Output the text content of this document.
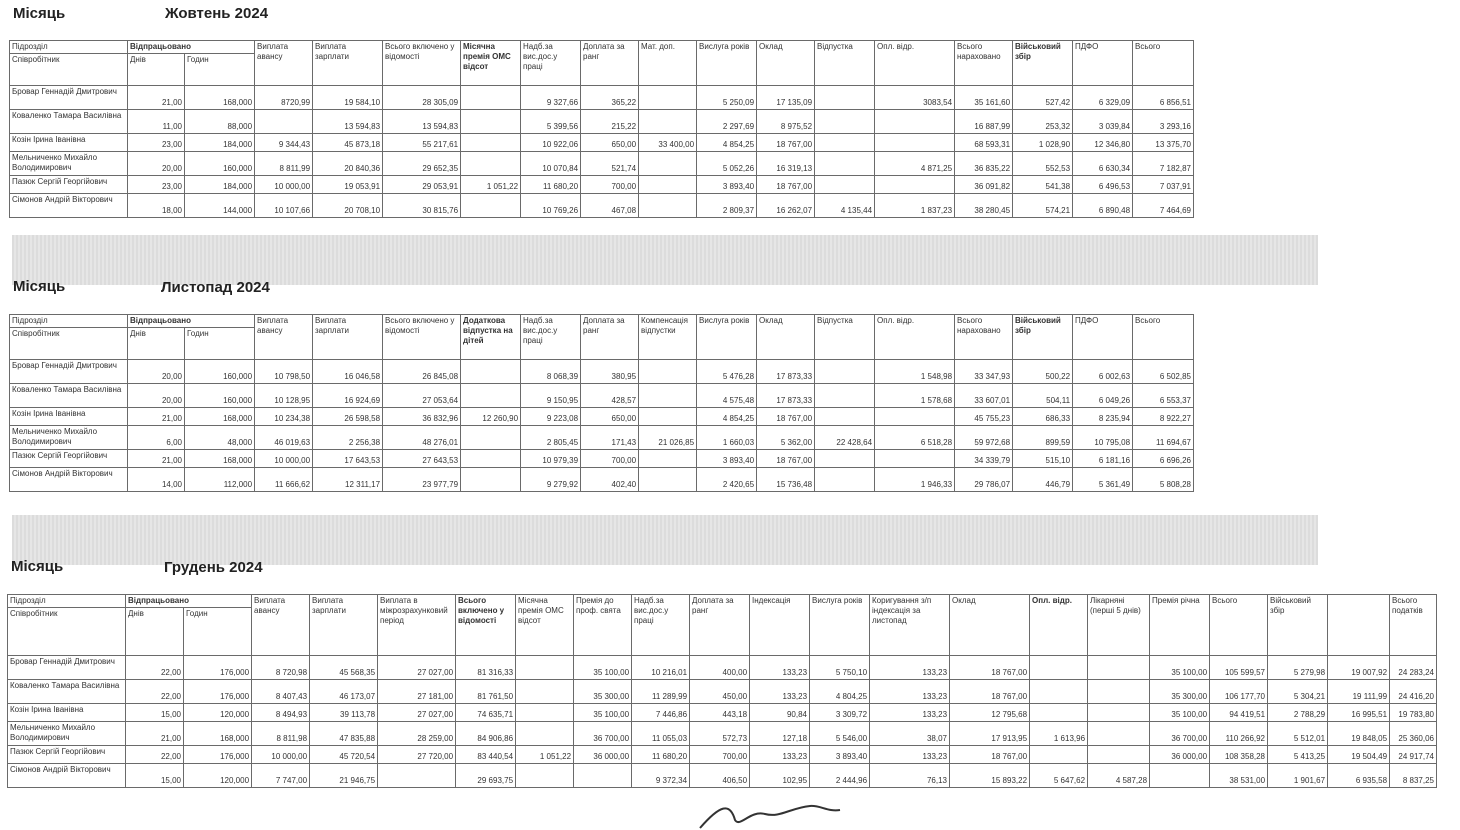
Місяць	Жовтень 2024
Підрозділ	Відпрацьовано		Виплата авансу	Виплата зарплати	Всього включено у відомості	Місячна премія ОМС відсот	Надб.за вис.дос.у праці	Доплата за ранг	Мат. доп.	Вислуга років	Оклад	Відпустка	Опл. відр.	Всього нараховано	Військовий збір	ПДФО	Всього
Співробітник	Днів	Годин															
Бровар Геннадій Дмитрович	21,00	168,000	8720,99	19 584,10	28 305,09		9 327,66	365,22		5 250,09	17 135,09		3083,54	35 161,60	527,42	6 329,09	6 856,51
Коваленко Тамара Василівна	11,00	88,000		13 594,83	13 594,83		5 399,56	215,22		2 297,69	8 975,52			16 887,99	253,32	3 039,84	3 293,16
Козін Ірина Іванівна	23,00	184,000	9 344,43	45 873,18	55 217,61		10 922,06	650,00	33 400,00	4 854,25	18 767,00			68 593,31	1 028,90	12 346,80	13 375,70
Мельниченко Михайло Володимирович	20,00	160,000	8 811,99	20 840,36	29 652,35		10 070,84	521,74		5 052,26	16 319,13		4 871,25	36 835,22	552,53	6 630,34	7 182,87
Пазюк Сергій Георгійович	23,00	184,000	10 000,00	19 053,91	29 053,91	1 051,22	11 680,20	700,00		3 893,40	18 767,00			36 091,82	541,38	6 496,53	7 037,91
Сімонов Андрій Вікторович	18,00	144,000	10 107,66	20 708,10	30 815,76		10 769,26	467,08		2 809,37	16 262,07	4 135,44	1 837,23	38 280,45	574,21	6 890,48	7 464,69
Місяць	Листопад 2024
Підрозділ	Відпрацьовано		Виплата авансу	Виплата зарплати	Всього включено у відомості	Додаткова відпустка на дітей	Надб.за вис.дос.у праці	Доплата за ранг	Компенсація відпустки	Вислуга років	Оклад	Відпустка	Опл. відр.	Всього нараховано	Військовий збір	ПДФО	Всього
Співробітник	Днів	Годин															
Бровар Геннадій Дмитрович	20,00	160,000	10 798,50	16 046,58	26 845,08		8 068,39	380,95		5 476,28	17 873,33		1 548,98	33 347,93	500,22	6 002,63	6 502,85
Коваленко Тамара Василівна	20,00	160,000	10 128,95	16 924,69	27 053,64		9 150,95	428,57		4 575,48	17 873,33		1 578,68	33 607,01	504,11	6 049,26	6 553,37
Козін Ірина Іванівна	21,00	168,000	10 234,38	26 598,58	36 832,96	12 260,90	9 223,08	650,00		4 854,25	18 767,00			45 755,23	686,33	8 235,94	8 922,27
Мельниченко Михайло Володимирович	6,00	48,000	46 019,63	2 256,38	48 276,01		2 805,45	171,43	21 026,85	1 660,03	5 362,00	22 428,64	6 518,28	59 972,68	899,59	10 795,08	11 694,67
Пазюк Сергій Георгійович	21,00	168,000	10 000,00	17 643,53	27 643,53		10 979,39	700,00		3 893,40	18 767,00			34 339,79	515,10	6 181,16	6 696,26
Сімонов Андрій Вікторович	14,00	112,000	11 666,62	12 311,17	23 977,79		9 279,92	402,40		2 420,65	15 736,48		1 946,33	29 786,07	446,79	5 361,49	5 808,28
Місяць	Грудень 2024
Підрозділ	Відпрацьовано		Виплата авансу	Виплата зарплати	Виплата в міжрозрахунковий період	Всього включено у відомості	Місячна премія ОМС відсот	Премія до проф. свята	Надб.за вис.дос.у праці	Доплата за ранг	Індексація	Вислуга років	Коригування з/п індексація за листопад	Оклад	Опл. відр.	Лікарняні (перші 5 днів)	Премія річна	Всього	Військовий збір		Всього податків
Співробітник	Днів	Годин																			
Бровар Геннадій Дмитрович	22,00	176,000	8 720,98	45 568,35	27 027,00	81 316,33		35 100,00	10 216,01	400,00	133,23	5 750,10	133,23	18 767,00			35 100,00	105 599,57	5 279,98	19 007,92	24 283,24
Коваленко Тамара Василівна	22,00	176,000	8 407,43	46 173,07	27 181,00	81 761,50		35 300,00	11 289,99	450,00	133,23	4 804,25	133,23	18 767,00			35 300,00	106 177,70	5 304,21	19 111,99	24 416,20
Козін Ірина Іванівна	15,00	120,000	8 494,93	39 113,78	27 027,00	74 635,71		35 100,00	7 446,86	443,18	90,84	3 309,72	133,23	12 795,68			35 100,00	94 419,51	2 788,29	16 995,51	19 783,80
Мельниченко Михайло Володимирович	21,00	168,000	8 811,98	47 835,88	28 259,00	84 906,86		36 700,00	11 055,03	572,73	127,18	5 546,00	38,07	17 913,95	1 613,96		36 700,00	110 266,92	5 512,01	19 848,05	25 360,06
Пазюк Сергій Георгійович	22,00	176,000	10 000,00	45 720,54	27 720,00	83 440,54	1 051,22	36 000,00	11 680,20	700,00	133,23	3 893,40	133,23	18 767,00			36 000,00	108 358,28	5 413,25	19 504,49	24 917,74
Сімонов Андрій Вікторович	15,00	120,000	7 747,00	21 946,75		29 693,75			9 372,34	406,50	102,95	2 444,96	76,13	15 893,22	5 647,62	4 587,28		38 531,00	1 901,67	6 935,58	8 837,25
